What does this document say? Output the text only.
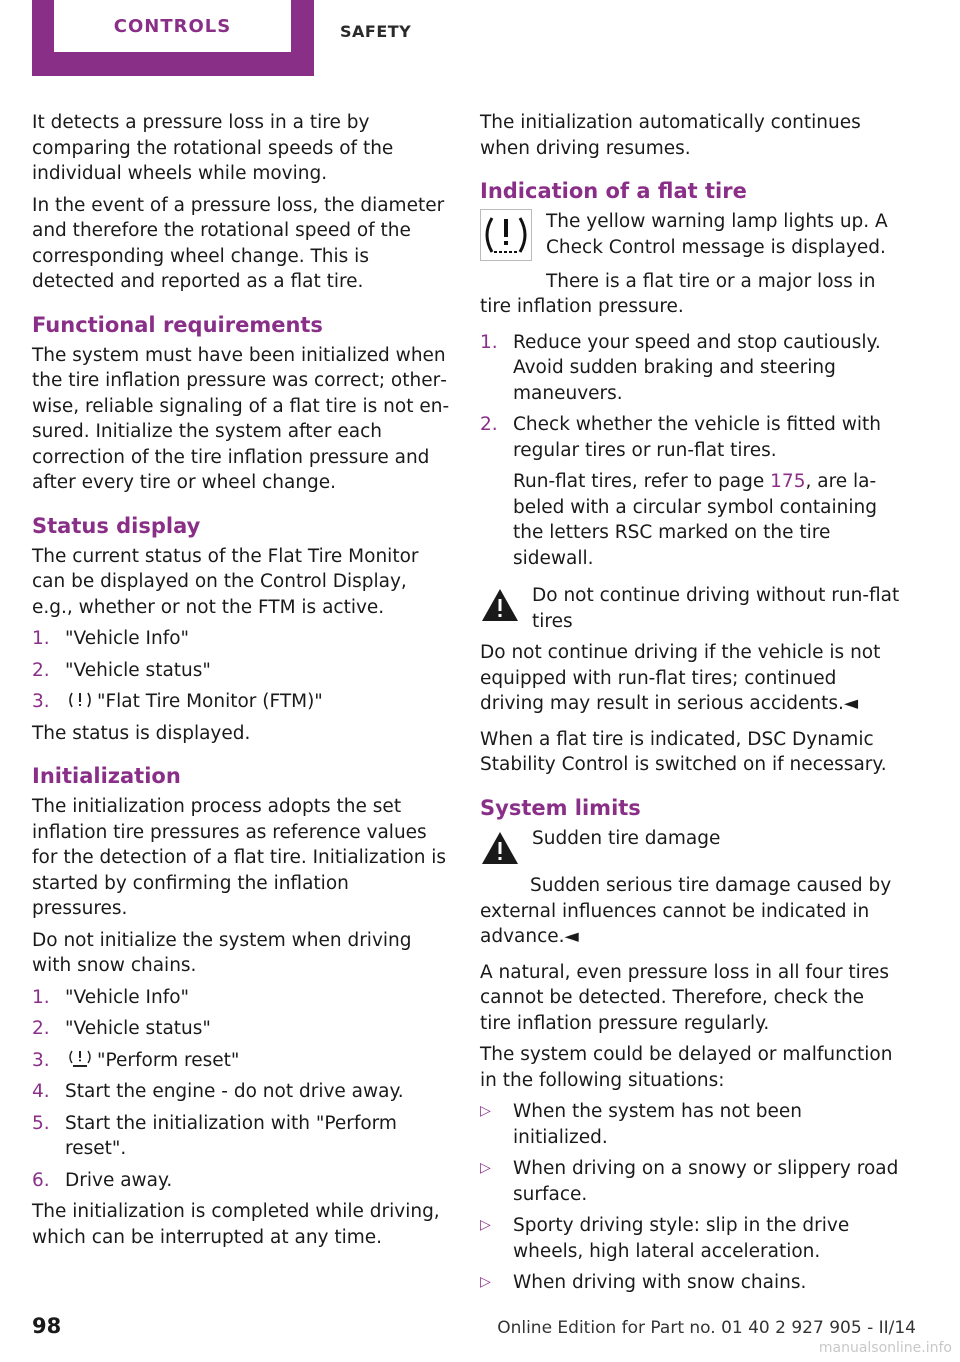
CONTROLS	SAFETY

It detects a pressure loss in a tire by comparing the rotational speeds of the individual wheels while moving.

In the event of a pressure loss, the diameter and therefore the rotational speed of the corresponding wheel change. This is detected and reported as a flat tire.

Functional requirements

The system must have been initialized when the tire inflation pressure was correct; otherwise, reliable signaling of a flat tire is not ensured. Initialize the system after each correction of the tire inflation pressure and after every tire or wheel change.

Status display

The current status of the Flat Tire Monitor can be displayed on the Control Display, e.g., whether or not the FTM is active.

1. "Vehicle Info"
2. "Vehicle status"
3.	"Flat Tire Monitor (FTM)"

The status is displayed.

Initialization

The initialization process adopts the set inflation tire pressures as reference values for the detection of a flat tire. Initialization is started by confirming the inflation pressures.

Do not initialize the system when driving with snow chains.

1. "Vehicle Info"
2. "Vehicle status"
3.	"Perform reset"
4. Start the engine - do not drive away.
5. Start the initialization with "Perform reset".
6. Drive away.

The initialization is completed while driving, which can be interrupted at any time.

The initialization automatically continues when driving resumes.

Indication of a flat tire

The yellow warning lamp lights up. A Check Control message is displayed.

There is a flat tire or a major loss in tire inflation pressure.

1. Reduce your speed and stop cautiously. Avoid sudden braking and steering maneuvers.
2. Check whether the vehicle is fitted with regular tires or run-flat tires.

Run-flat tires, refer to page 175, are labeled with a circular symbol containing the letters RSC marked on the tire sidewall.

Do not continue driving without run-flat tires

Do not continue driving if the vehicle is not equipped with run-flat tires; continued driving may result in serious accidents.◄

When a flat tire is indicated, DSC Dynamic Stability Control is switched on if necessary.

System limits

Sudden tire damage

Sudden serious tire damage caused by external influences cannot be indicated in advance.◄

A natural, even pressure loss in all four tires cannot be detected. Therefore, check the tire inflation pressure regularly.

The system could be delayed or malfunction in the following situations:

▷	When the system has not been initialized.
▷	When driving on a snowy or slippery road surface.
▷	Sporty driving style: slip in the drive wheels, high lateral acceleration.
▷	When driving with snow chains.
98	Online Edition for Part no. 01 40 2 927 905 - II/14
manualsonline.info
